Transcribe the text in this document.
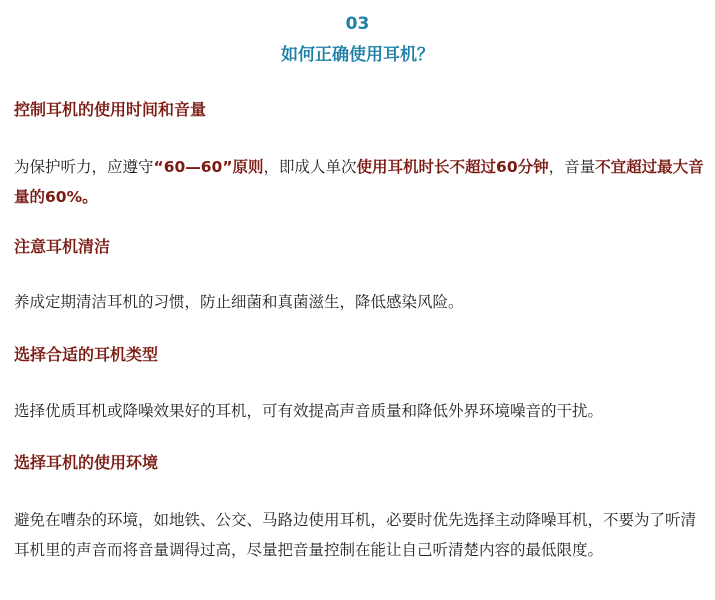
03
如何正确使用耳机？
控制耳机的使用时间和音量
为保护听力，应遵守“60—60”原则，即成人单次使用耳机时长不超过60分钟，音量不宜超过最大音量的60%。
注意耳机清洁
养成定期清洁耳机的习惯，防止细菌和真菌滋生，降低感染风险。
选择合适的耳机类型
选择优质耳机或降噪效果好的耳机，可有效提高声音质量和降低外界环境噪音的干扰。
选择耳机的使用环境
避免在嘈杂的环境，如地铁、公交、马路边使用耳机，必要时优先选择主动降噪耳机，不要为了听清耳机里的声音而将音量调得过高，尽量把音量控制在能让自己听清楚内容的最低限度。
